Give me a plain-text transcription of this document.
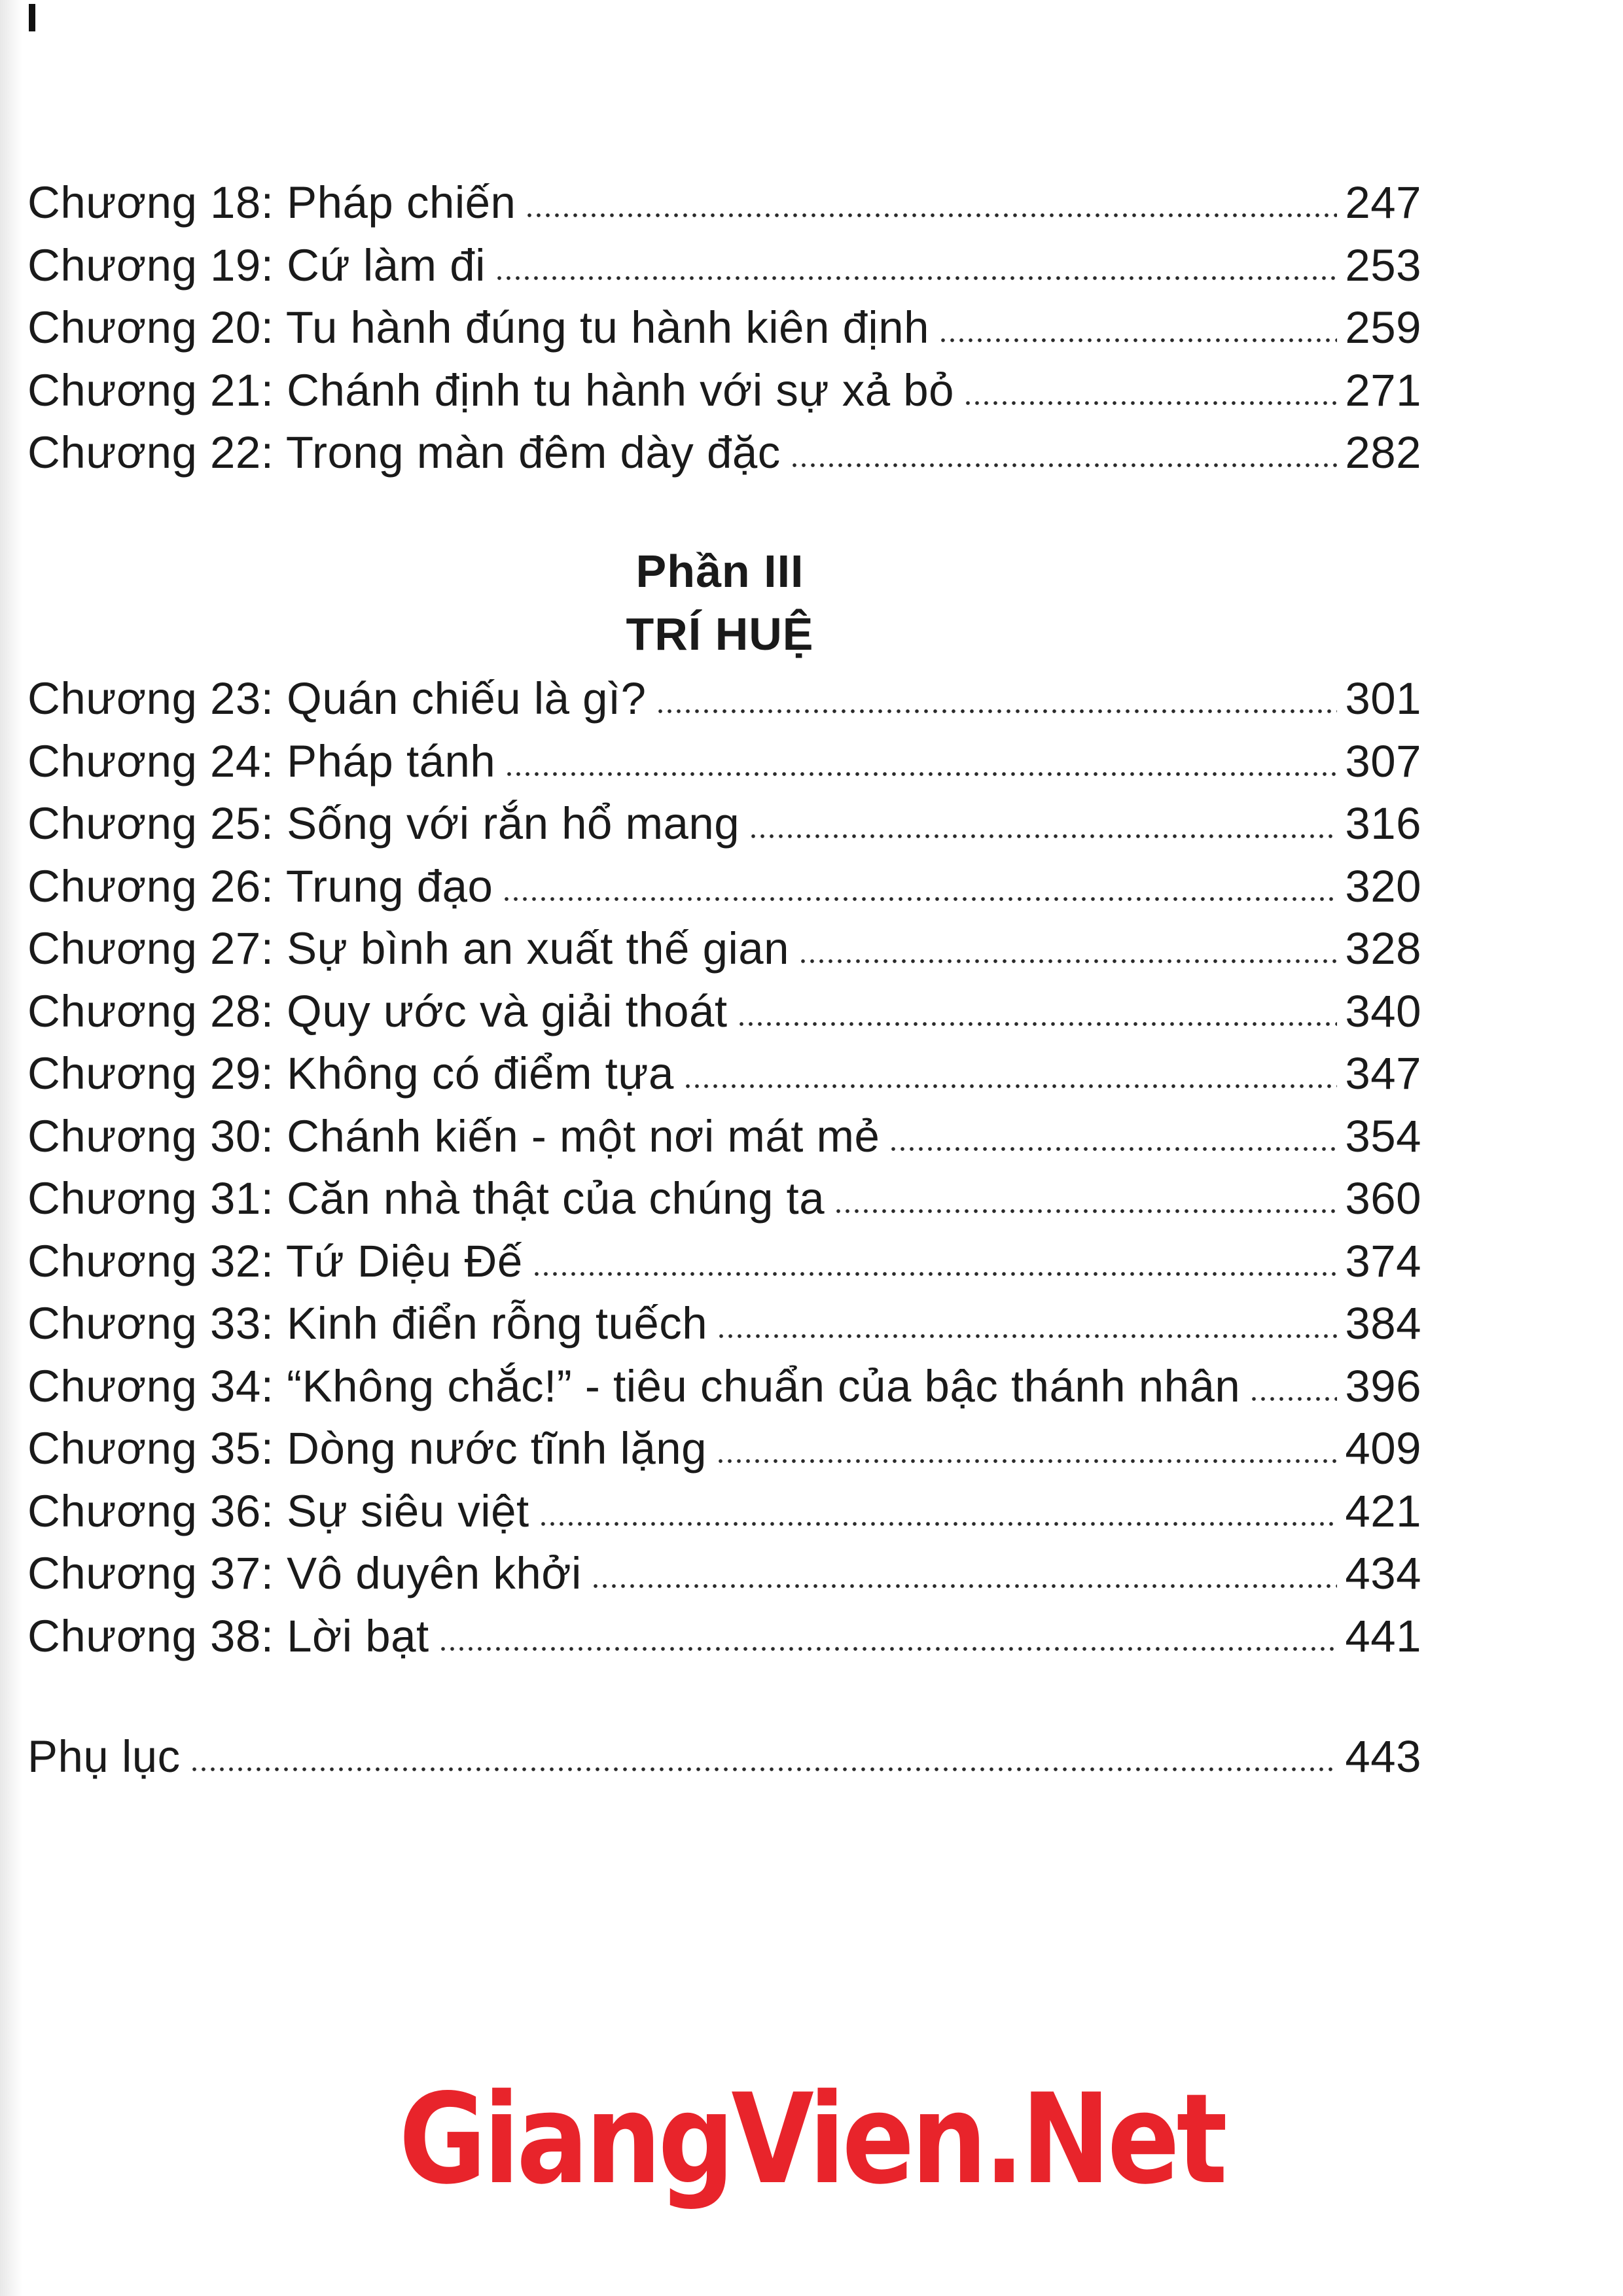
Chương 18: Pháp chiến	247
Chương 19: Cứ làm đi	253
Chương 20: Tu hành đúng tu hành kiên định	259
Chương 21: Chánh định tu hành với sự xả bỏ	271
Chương 22: Trong màn đêm dày đặc	282
Phần III
TRÍ HUỆ
Chương 23: Quán chiếu là gì?	301
Chương 24: Pháp tánh	307
Chương 25: Sống với rắn hổ mang	316
Chương 26: Trung đạo	320
Chương 27: Sự bình an xuất thế gian	328
Chương 28: Quy ước và giải thoát	340
Chương 29: Không có điểm tựa	347
Chương 30: Chánh kiến - một nơi mát mẻ	354
Chương 31: Căn nhà thật của chúng ta	360
Chương 32: Tứ Diệu Đế	374
Chương 33: Kinh điển rỗng tuếch	384
Chương 34: “Không chắc!” - tiêu chuẩn của bậc thánh nhân 396
Chương 35: Dòng nước tĩnh lặng	409
Chương 36: Sự siêu việt	421
Chương 37: Vô duyên khởi	434
Chương 38: Lời bạt	441
Phụ lục	443
GiangVien.Net
